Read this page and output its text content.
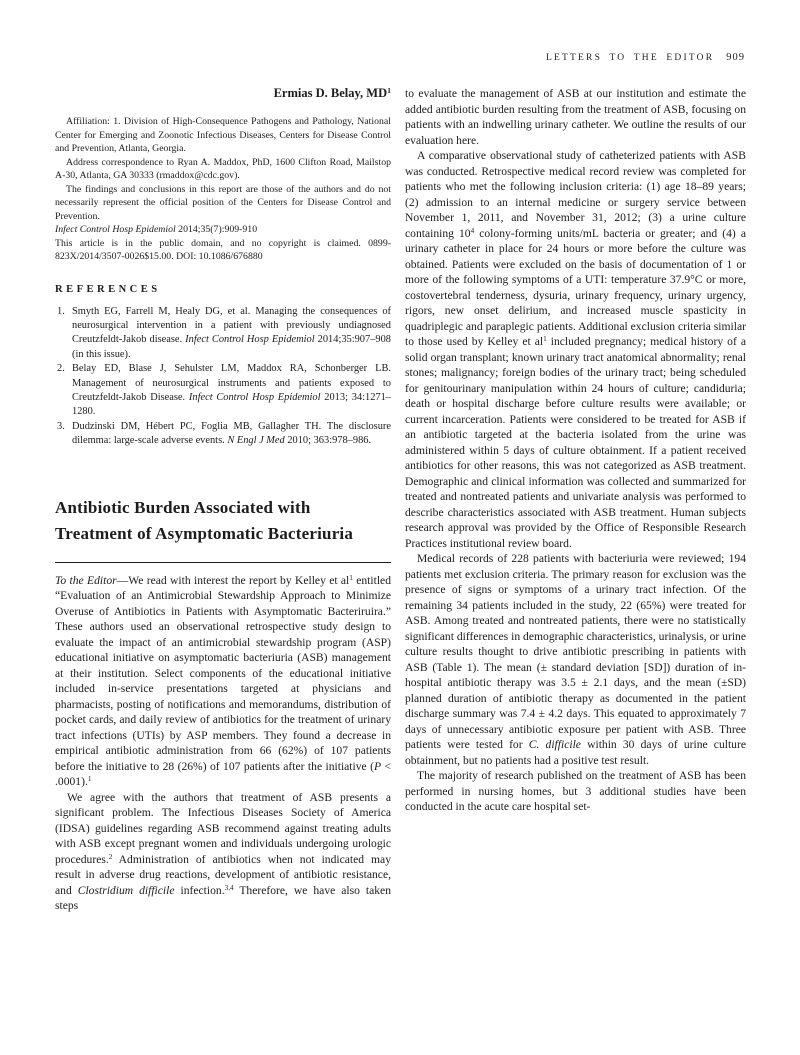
LETTERS TO THE EDITOR 909
Ermias D. Belay, $MD^1$

Affiliation: 1. Division of High-Consequence Pathogens and Pathology, National Center for Emerging and Zoonotic Infectious Diseases, Centers for Disease Control and Prevention, Atlanta, Georgia.

Address correspondence to Ryan A. Maddox, PhD, 1600 Clifton Road, Mailstop A-30, Atlanta, GA 30333 (rmaddox@cdc.gov).

The findings and conclusions in this report are those of the authors and do not necessarily represent the official position of the Centers for Disease Control and Prevention.

Infect Control Hosp Epidemiol 2014;35(7):909-910

This article is in the public domain, and no copyright is claimed. 0899-823X/2014/3507-0026$15.00. DOI: 10.1086/676880

REFERENCES
1. Smyth EG, Farrell M, Healy DG, et al. Managing the consequences of neurosurgical intervention in a patient with previously undiagnosed Creutzfeldt-Jakob disease. Infect Control Hosp Epidemiol 2014;35:907–908 (in this issue).
2. Belay ED, Blase J, Sehulster LM, Maddox RA, Schonberger LB. Management of neurosurgical instruments and patients exposed to Creutzfeldt-Jakob Disease. Infect Control Hosp Epidemiol 2013; 34:1271–1280.
3. Dudzinski DM, Hébert PC, Foglia MB, Gallagher TH. The disclosure dilemma: large-scale adverse events. N Engl J Med 2010; 363:978–986.
Antibiotic Burden Associated with
Treatment of Asymptomatic Bacteriuria

To the Editor—We read with interest the report by Kelley et $al^1$ entitled “Evaluation of an Antimicrobial Stewardship Approach to Minimize Overuse of Antibiotics in Patients with Asymptomatic Bacteriruira.” These authors used an observational retrospective study design to evaluate the impact of an antimicrobial stewardship program (ASP) educational initiative on asymptomatic bacteriuria (ASB) management at their institution. Select components of the educational initiative included in-service presentations targeted at physicians and pharmacists, posting of notifications and memorandums, distribution of pocket cards, and daily review of antibiotics for the treatment of urinary tract infections (UTIs) by ASP members. They found a decrease in empirical antibiotic administration from 66 (62%) of 107 patients before the initiative to 28 (26%) of 107 patients after the initiative (P < .0001).$^1$

We agree with the authors that treatment of ASB presents a significant problem. The Infectious Diseases Society of America (IDSA) guidelines regarding ASB recommend against treating adults with ASB except pregnant women and individuals undergoing urologic procedures.$^2$ Administration of antibiotics when not indicated may result in adverse drug reactions, development of antibiotic resistance, and Clostridium difficile infection.$^{3,4}$ Therefore, we have also taken steps

to evaluate the management of ASB at our institution and estimate the added antibiotic burden resulting from the treatment of ASB, focusing on patients with an indwelling urinary catheter. We outline the results of our evaluation here.

A comparative observational study of catheterized patients with ASB was conducted. Retrospective medical record review was completed for patients who met the following inclusion criteria: (1) age 18–89 years; (2) admission to an internal medicine or surgery service between November 1, 2011, and November 31, 2012; (3) a urine culture containing $10^4$ colony-forming units/mL bacteria or greater; and (4) a urinary catheter in place for 24 hours or more before the culture was obtained. Patients were excluded on the basis of documentation of 1 or more of the following symptoms of a UTI: temperature 37.9°C or more, costovertebral tenderness, dysuria, urinary frequency, urinary urgency, rigors, new onset delirium, and increased muscle spasticity in quadriplegic and paraplegic patients. Additional exclusion criteria similar to those used by Kelley et $al^1$ included pregnancy; medical history of a solid organ transplant; known urinary tract anatomical abnormality; renal stones; malignancy; foreign bodies of the urinary tract; being scheduled for genitourinary manipulation within 24 hours of culture; candiduria; death or hospital discharge before culture results were available; or current incarceration. Patients were considered to be treated for ASB if an antibiotic targeted at the bacteria isolated from the urine was administered within 5 days of culture obtainment. If a patient received antibiotics for other reasons, this was not categorized as ASB treatment. Demographic and clinical information was collected and summarized for treated and nontreated patients and univariate analysis was performed to describe characteristics associated with ASB treatment. Human subjects research approval was provided by the Office of Responsible Research Practices institutional review board.

Medical records of 228 patients with bacteriuria were reviewed; 194 patients met exclusion criteria. The primary reason for exclusion was the presence of signs or symptoms of a urinary tract infection. Of the remaining 34 patients included in the study, 22 (65%) were treated for ASB. Among treated and nontreated patients, there were no statistically significant differences in demographic characteristics, urinalysis, or urine culture results thought to drive antibiotic prescribing in patients with ASB (Table 1). The mean (± standard deviation [SD]) duration of in-hospital antibiotic therapy was 3.5 ± 2.1 days, and the mean (±SD) planned duration of antibiotic therapy as documented in the patient discharge summary was 7.4 ± 4.2 days. This equated to approximately 7 days of unnecessary antibiotic exposure per patient with ASB. Three patients were tested for C. difficile within 30 days of urine culture obtainment, but no patients had a positive test result.

The majority of research published on the treatment of ASB has been performed in nursing homes, but 3 additional studies have been conducted in the acute care hospital set-
